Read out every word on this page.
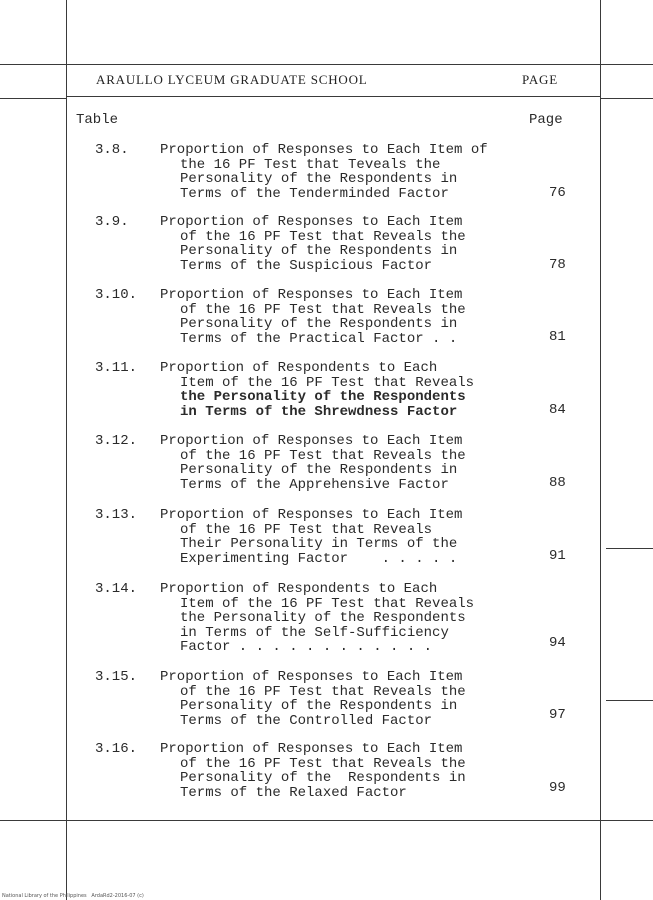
ARAULLO LYCEUM GRADUATE SCHOOL	PAGE
Table	Page
3.8. Proportion of Responses to Each Item of
the 16 PF Test that Teveals the
Personality of the Respondents in
Terms of the Tenderminded Factor	76
3.9. Proportion of Responses to Each Item
of the 16 PF Test that Reveals the
Personality of the Respondents in
Terms of the Suspicious Factor	78
3.10. Proportion of Responses to Each Item
of the 16 PF Test that Reveals the
Personality of the Respondents in
Terms of the Practical Factor . .	81
3.11. Proportion of Respondents to Each
Item of the 16 PF Test that Reveals
the Personality of the Respondents
in Terms of the Shrewdness Factor	84
3.12. Proportion of Responses to Each Item
of the 16 PF Test that Reveals the
Personality of the Respondents in
Terms of the Apprehensive Factor	88
3.13. Proportion of Responses to Each Item
of the 16 PF Test that Reveals
Their Personality in Terms of the
Experimenting Factor    . . . . .	91
3.14. Proportion of Respondents to Each
Item of the 16 PF Test that Reveals
the Personality of the Respondents
in Terms of the Self-Sufficiency
Factor . . . . . . . . . . . .	94
3.15. Proportion of Responses to Each Item
of the 16 PF Test that Reveals the
Personality of the Respondents in
Terms of the Controlled Factor	97
3.16. Proportion of Responses to Each Item
of the 16 PF Test that Reveals the
Personality of the  Respondents in
Terms of the Relaxed Factor	99
National Library of the Philippines   ArdaRd2-2016-07 (c)
